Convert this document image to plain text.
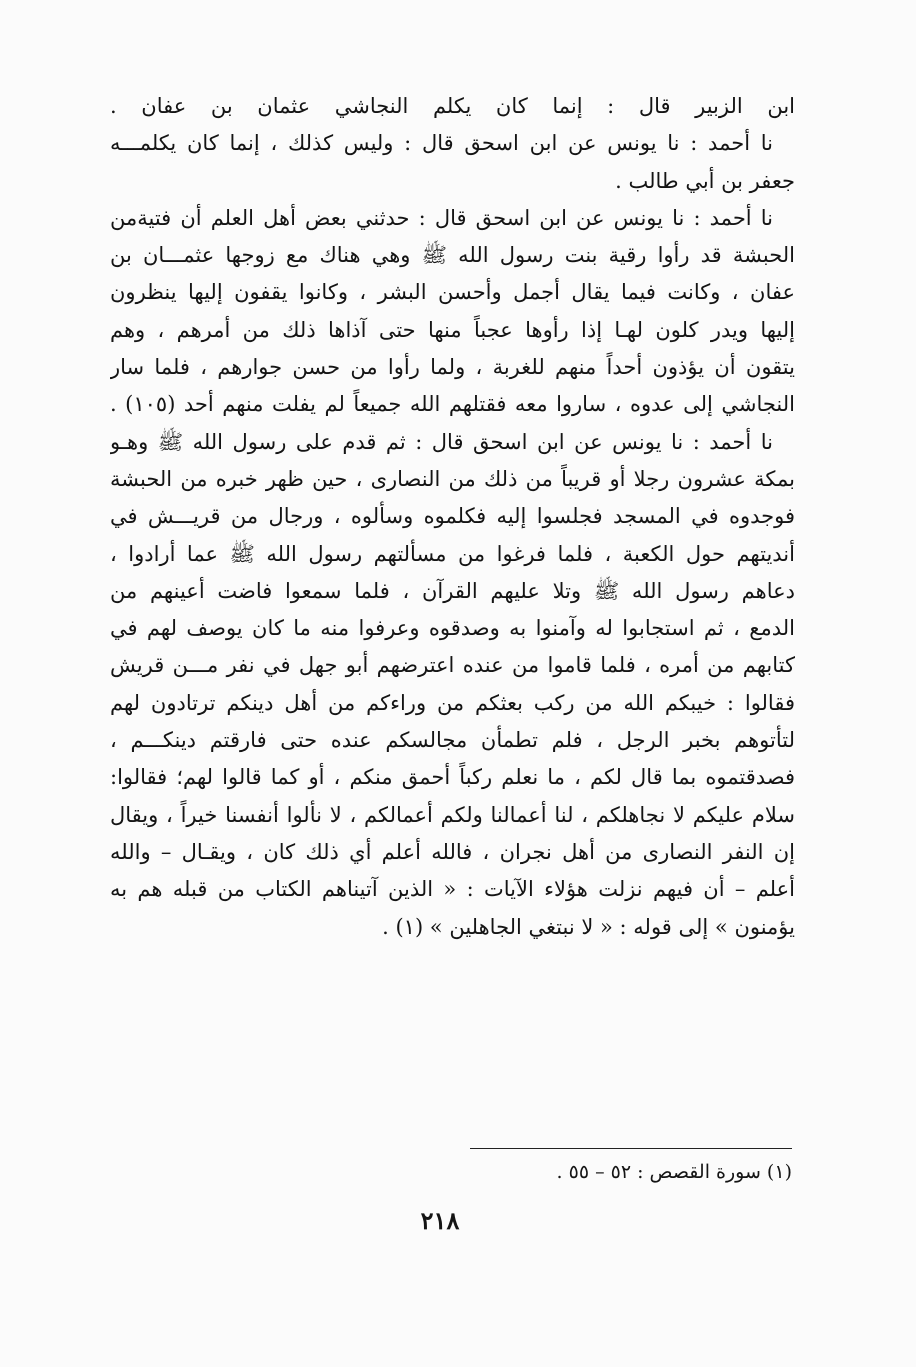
ابن الزبير قال : إنما كان يكلم النجاشي عثمان بن عفان .
نا أحمد : نا يونس عن ابن اسحق قال : وليس كذلك ، إنما كان يكلمـــه
جعفر بن أبي طالب .
نا أحمد : نا يونس عن ابن اسحق قال : حدثني بعض أهل العلم أن فتيةمن
الحبشة قد رأوا رقية بنت رسول الله ﷺ وهي هناك مع زوجها عثمـــان بن
عفان ، وكانت فيما يقال أجمل وأحسن البشر ، وكانوا يقفون إليها ينظرون
إليها ويدر كلون لهـا إذا رأوها عجباً منها حتى آذاها ذلك من أمرهم ، وهم
يتقون أن يؤذون أحداً منهم للغربة ، ولما رأوا من حسن جوارهم ، فلما سار
النجاشي إلى عدوه ، ساروا معه فقتلهم الله جميعاً لم يفلت منهم أحد (١٠٥) .
نا أحمد : نا يونس عن ابن اسحق قال : ثم قدم على رسول الله ﷺ وهـو
بمكة عشرون رجلا أو قريباً من ذلك من النصارى ، حين ظهر خبره من الحبشة
فوجدوه في المسجد فجلسوا إليه فكلموه وسألوه ، ورجال من قريـــش في
أنديتهم حول الكعبة ، فلما فرغوا من مسألتهم رسول الله ﷺ عما أرادوا ،
دعاهم رسول الله ﷺ وتلا عليهم القرآن ، فلما سمعوا فاضت أعينهم من
الدمع ، ثم استجابوا له وآمنوا به وصدقوه وعرفوا منه ما كان يوصف لهم في
كتابهم من أمره ، فلما قاموا من عنده اعترضهم أبو جهل في نفر مـــن قريش
فقالوا : خيبكم الله من ركب بعثكم من وراءكم من أهل دينكم ترتادون لهم
لتأتوهم بخبر الرجل ، فلم تطمأن مجالسكم عنده حتى فارقتم دينكـــم ،
فصدقتموه بما قال لكم ، ما نعلم ركباً أحمق منكم ، أو كما قالوا لهم؛ فقالوا:
سلام عليكم لا نجاهلكم ، لنا أعمالنا ولكم أعمالكم ، لا نألوا أنفسنا خيراً ، ويقال
إن النفر النصارى من أهل نجران ، فالله أعلم أي ذلك كان ، ويقـال – والله
أعلم – أن فيهم نزلت هؤلاء الآيات : « الذين آتيناهم الكتاب من قبله هم به
يؤمنون » إلى قوله : « لا نبتغي الجاهلين » (١) .
(١) سورة القصص : ٥٢ – ٥٥ .
٢١٨
